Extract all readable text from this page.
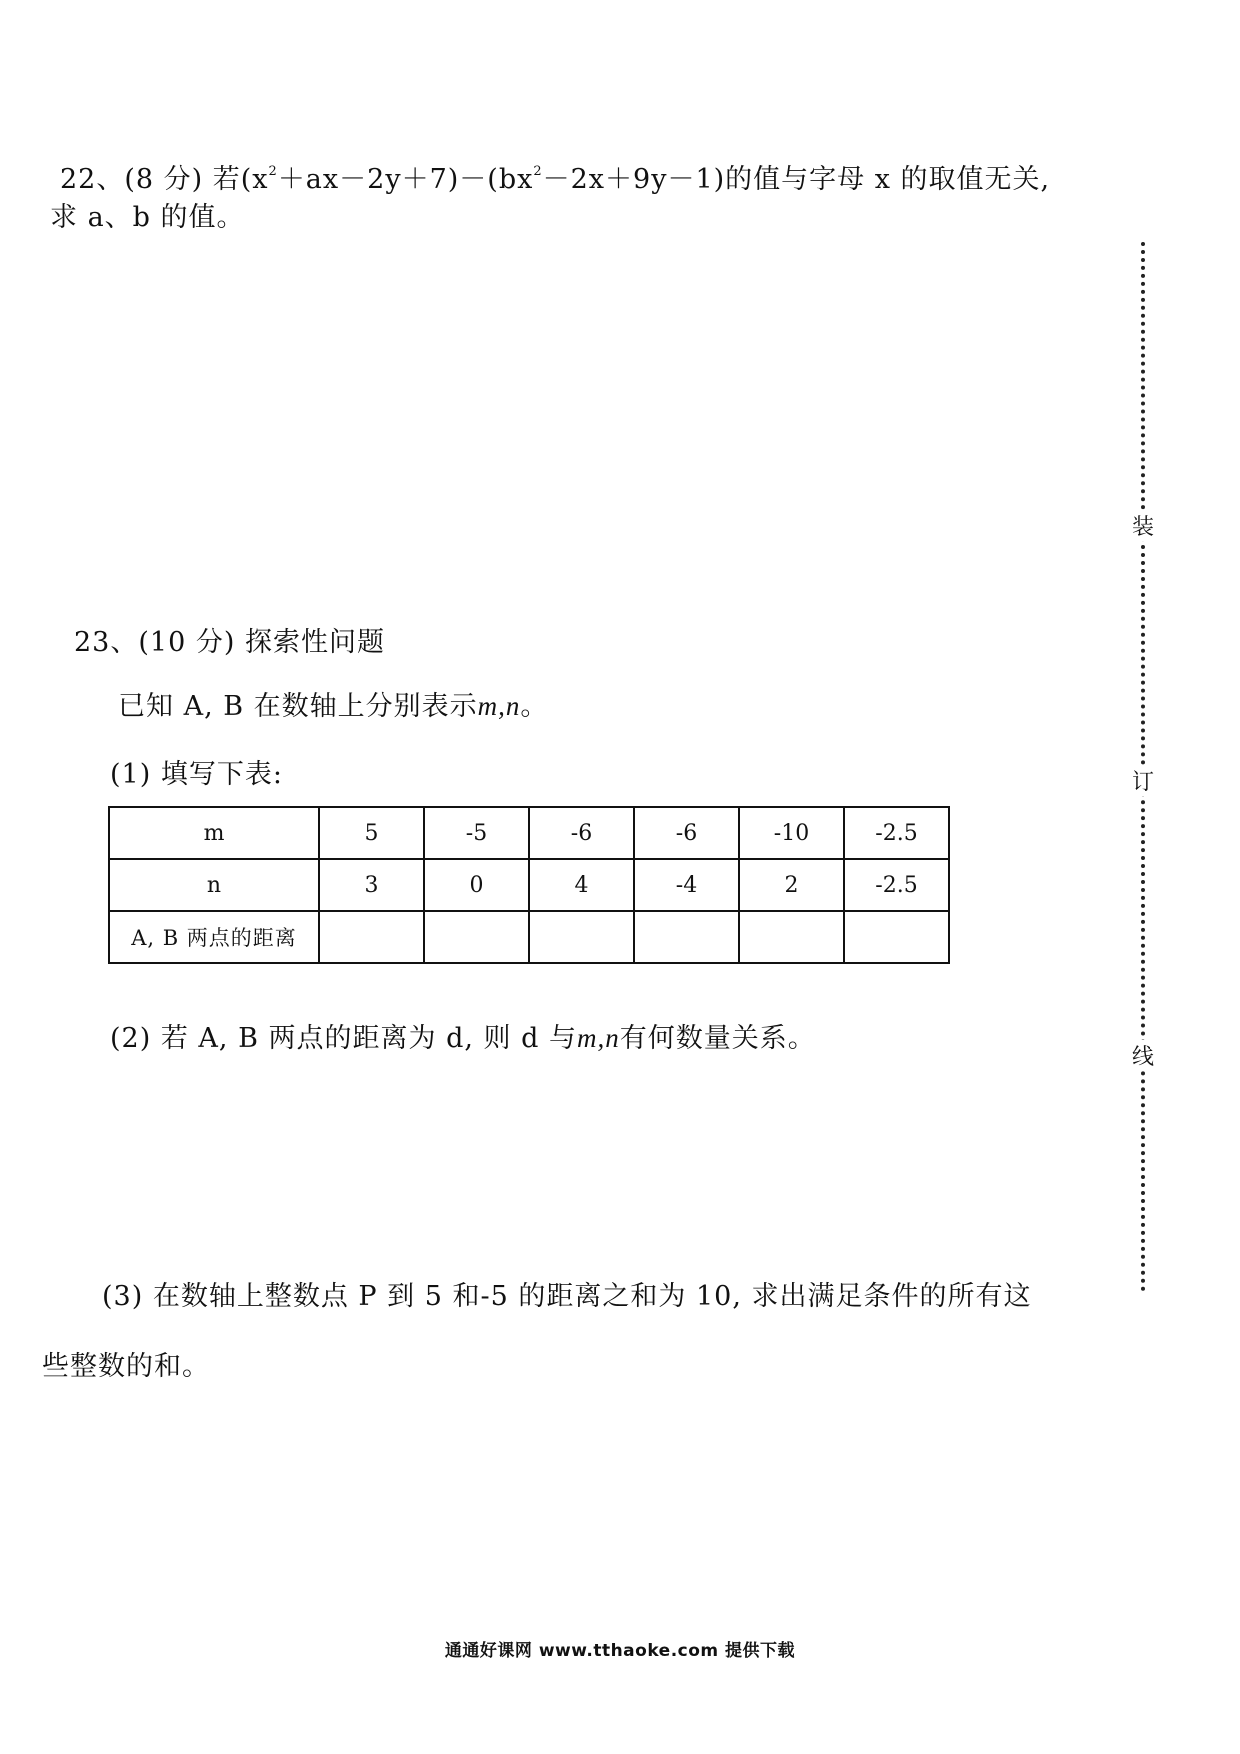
22、(8 分) 若$(x^2+ax-2y+7)-(bx^2-2x+9y-1)$的值与字母 x 的取值无关,
求 a、b 的值。
23、(10 分) 探索性问题
已知 A, B 在数轴上分别表示m,n。
(1) 填写下表:
m	5	-5	-6	-6	-10	-2.5
n	3	0	4	-4	2	-2.5
A, B 两点的距离						
(2) 若 A, B 两点的距离为 d, 则 d 与m,n有何数量关系。
(3) 在数轴上整数点 P 到 5 和-5 的距离之和为 10, 求出满足条件的所有这
些整数的和。
装
订
线
通通好课网 www.tthaoke.com 提供下载
